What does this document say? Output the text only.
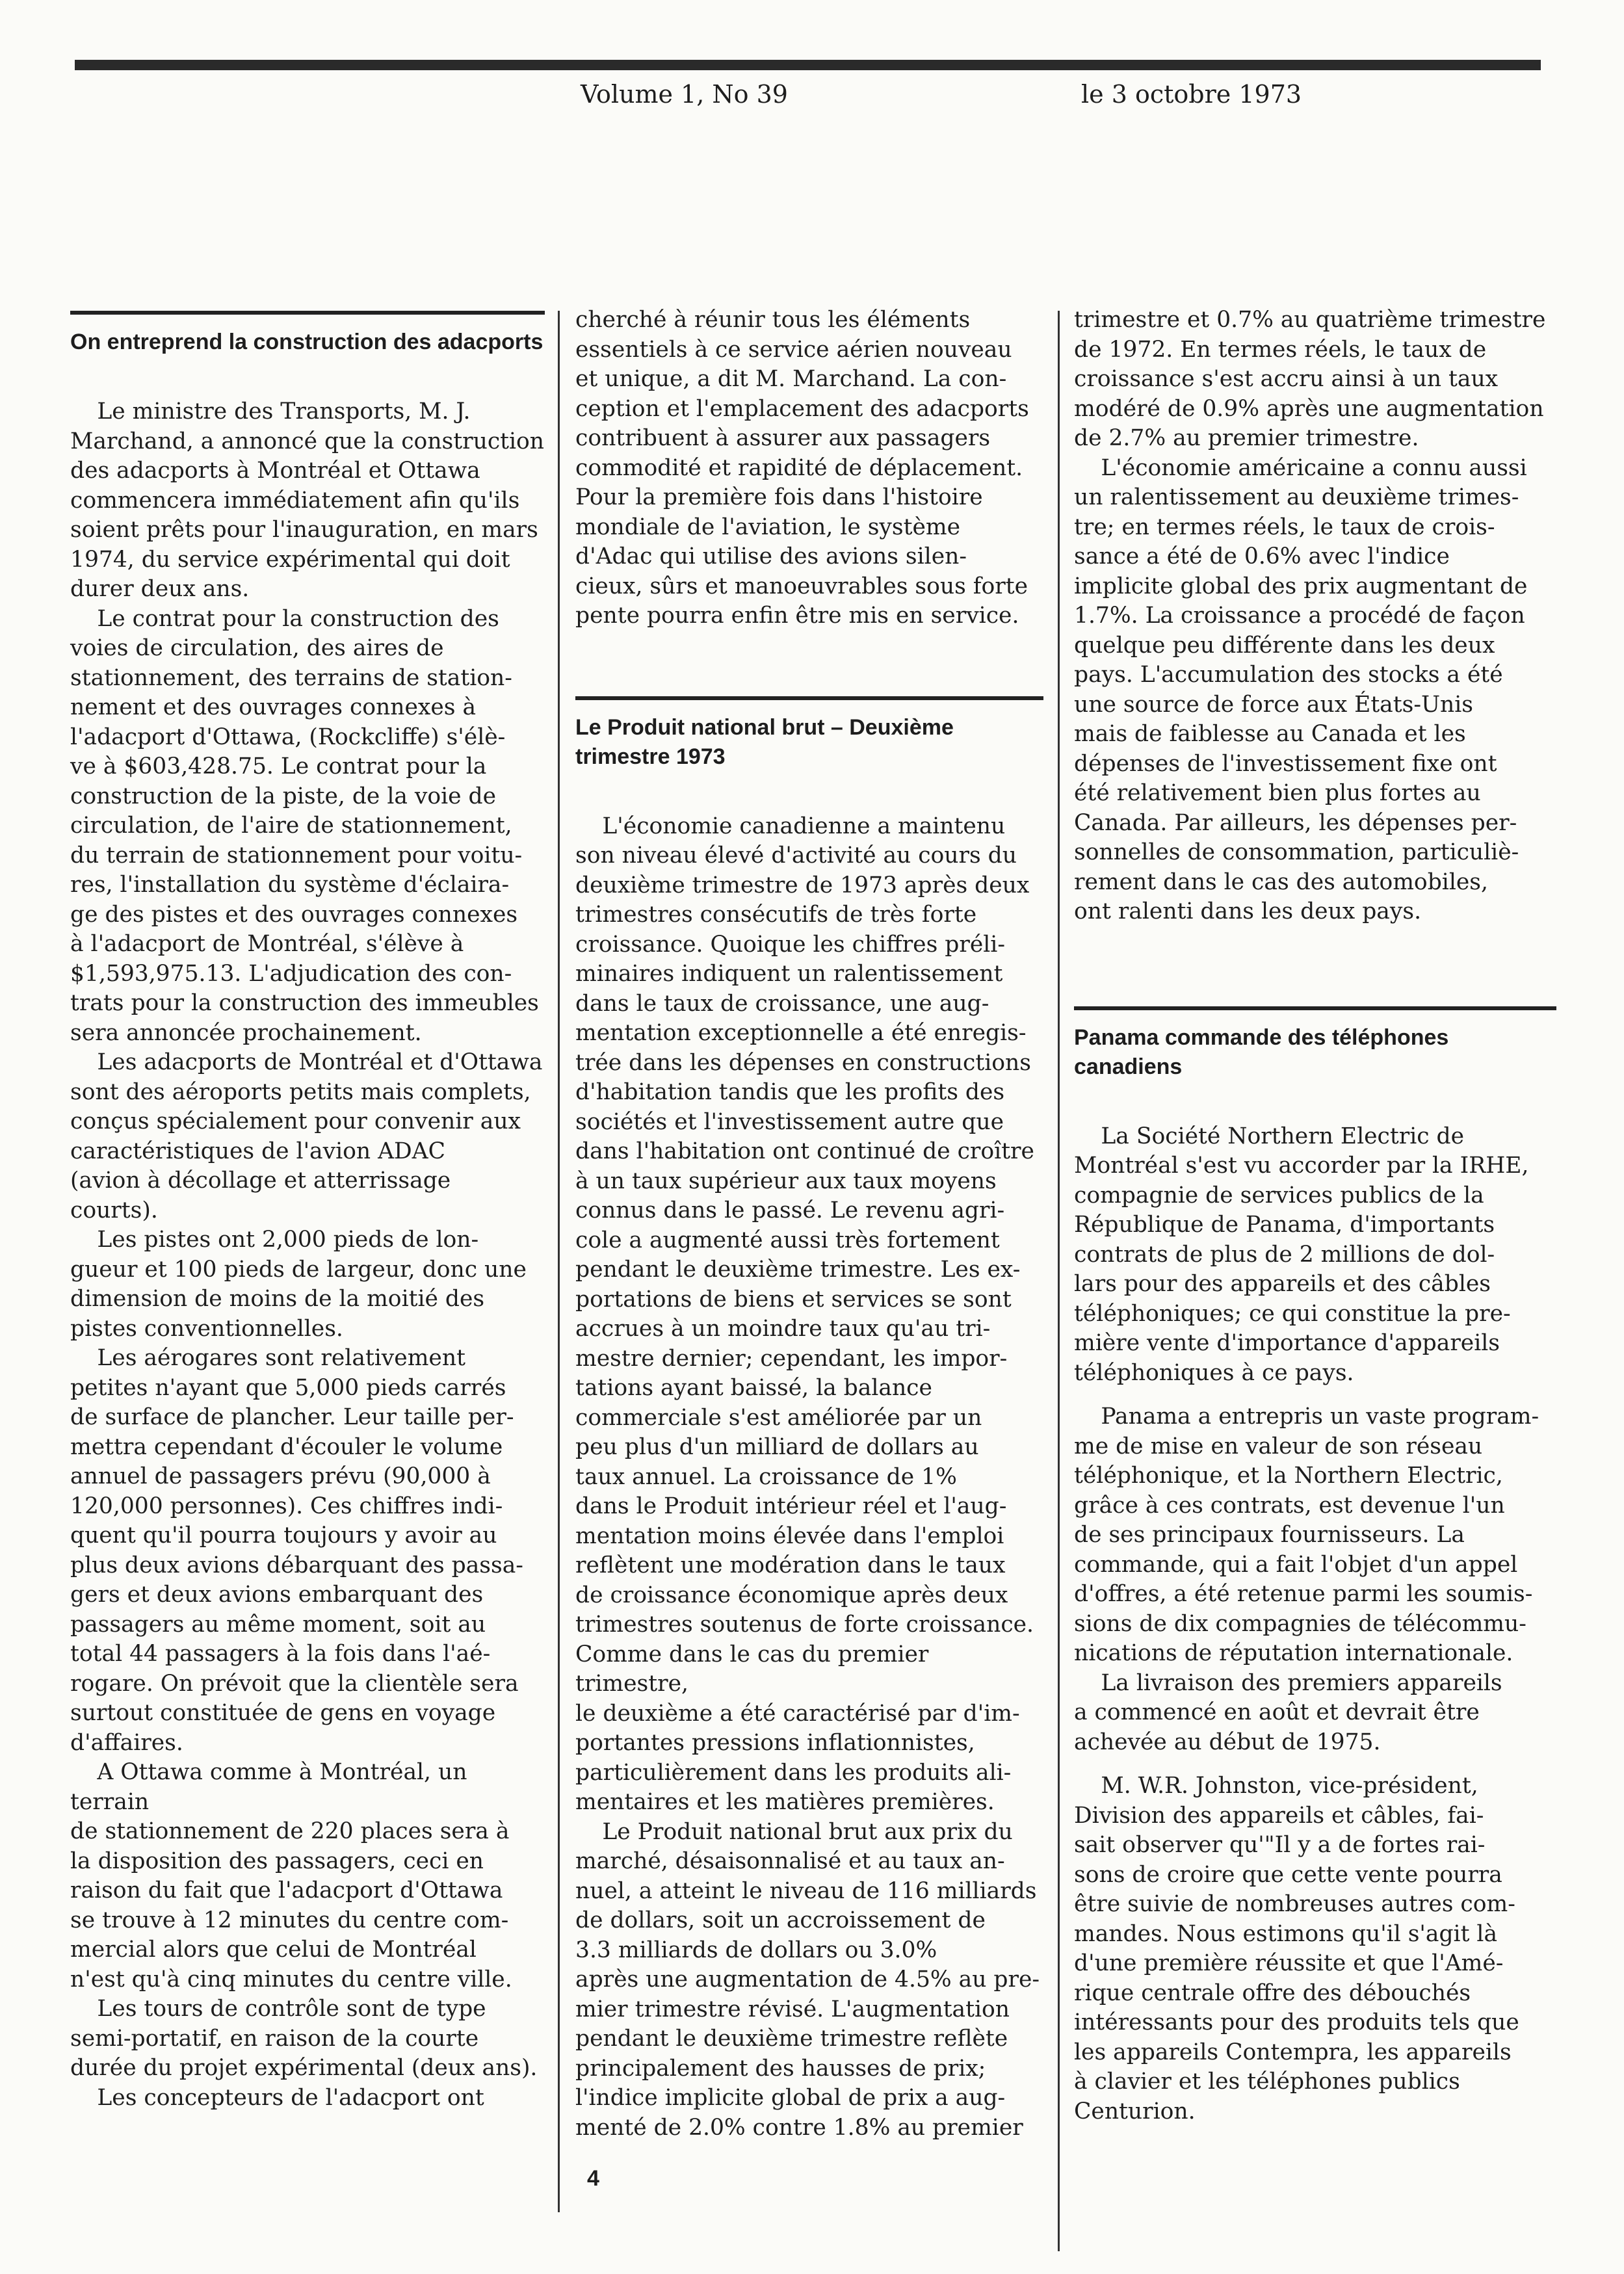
Volume 1, No 39	le 3 octobre 1973
On entreprend la construction des adacports

Le ministre des Transports, M. J.
Marchand, a annoncé que la construction
des adacports à Montréal et Ottawa
commencera immédiatement afin qu'ils
soient prêts pour l'inauguration, en mars
1974, du service expérimental qui doit
durer deux ans.

Le contrat pour la construction des
voies de circulation, des aires de
stationnement, des terrains de station-
nement et des ouvrages connexes à
l'adacport d'Ottawa, (Rockcliffe) s'élè-
ve à $603,428.75. Le contrat pour la
construction de la piste, de la voie de
circulation, de l'aire de stationnement,
du terrain de stationnement pour voitu-
res, l'installation du système d'éclaira-
ge des pistes et des ouvrages connexes
à l'adacport de Montréal, s'élève à
$1,593,975.13. L'adjudication des con-
trats pour la construction des immeubles
sera annoncée prochainement.

Les adacports de Montréal et d'Ottawa
sont des aéroports petits mais complets,
conçus spécialement pour convenir aux
caractéristiques de l'avion ADAC
(avion à décollage et atterrissage
courts).

Les pistes ont 2,000 pieds de lon-
gueur et 100 pieds de largeur, donc une
dimension de moins de la moitié des
pistes conventionnelles.

Les aérogares sont relativement
petites n'ayant que 5,000 pieds carrés
de surface de plancher. Leur taille per-
mettra cependant d'écouler le volume
annuel de passagers prévu (90,000 à
120,000 personnes). Ces chiffres indi-
quent qu'il pourra toujours y avoir au
plus deux avions débarquant des passa-
gers et deux avions embarquant des
passagers au même moment, soit au
total 44 passagers à la fois dans l'aé-
rogare. On prévoit que la clientèle sera
surtout constituée de gens en voyage
d'affaires.

A Ottawa comme à Montréal, un terrain
de stationnement de 220 places sera à
la disposition des passagers, ceci en
raison du fait que l'adacport d'Ottawa
se trouve à 12 minutes du centre com-
mercial alors que celui de Montréal
n'est qu'à cinq minutes du centre ville.

Les tours de contrôle sont de type
semi-portatif, en raison de la courte
durée du projet expérimental (deux ans).

Les concepteurs de l'adacport ont

cherché à réunir tous les éléments
essentiels à ce service aérien nouveau
et unique, a dit M. Marchand. La con-
ception et l'emplacement des adacports
contribuent à assurer aux passagers
commodité et rapidité de déplacement.
Pour la première fois dans l'histoire
mondiale de l'aviation, le système
d'Adac qui utilise des avions silen-
cieux, sûrs et manoeuvrables sous forte
pente pourra enfin être mis en service.

Le Produit national brut – Deuxième trimestre 1973

L'économie canadienne a maintenu
son niveau élevé d'activité au cours du
deuxième trimestre de 1973 après deux
trimestres consécutifs de très forte
croissance. Quoique les chiffres préli-
minaires indiquent un ralentissement
dans le taux de croissance, une aug-
mentation exceptionnelle a été enregis-
trée dans les dépenses en constructions
d'habitation tandis que les profits des
sociétés et l'investissement autre que
dans l'habitation ont continué de croître
à un taux supérieur aux taux moyens
connus dans le passé. Le revenu agri-
cole a augmenté aussi très fortement
pendant le deuxième trimestre. Les ex-
portations de biens et services se sont
accrues à un moindre taux qu'au tri-
mestre dernier; cependant, les impor-
tations ayant baissé, la balance
commerciale s'est améliorée par un
peu plus d'un milliard de dollars au
taux annuel. La croissance de 1%
dans le Produit intérieur réel et l'aug-
mentation moins élevée dans l'emploi
reflètent une modération dans le taux
de croissance économique après deux
trimestres soutenus de forte croissance.
Comme dans le cas du premier trimestre,
le deuxième a été caractérisé par d'im-
portantes pressions inflationnistes,
particulièrement dans les produits ali-
mentaires et les matières premières.

Le Produit national brut aux prix du
marché, désaisonnalisé et au taux an-
nuel, a atteint le niveau de 116 milliards
de dollars, soit un accroissement de
3.3 milliards de dollars ou 3.0%
après une augmentation de 4.5% au pre-
mier trimestre révisé. L'augmentation
pendant le deuxième trimestre reflète
principalement des hausses de prix;
l'indice implicite global de prix a aug-
menté de 2.0% contre 1.8% au premier

trimestre et 0.7% au quatrième trimestre
de 1972. En termes réels, le taux de
croissance s'est accru ainsi à un taux
modéré de 0.9% après une augmentation
de 2.7% au premier trimestre.

L'économie américaine a connu aussi
un ralentissement au deuxième trimes-
tre; en termes réels, le taux de crois-
sance a été de 0.6% avec l'indice
implicite global des prix augmentant de
1.7%. La croissance a procédé de façon
quelque peu différente dans les deux
pays. L'accumulation des stocks a été
une source de force aux États-Unis
mais de faiblesse au Canada et les
dépenses de l'investissement fixe ont
été relativement bien plus fortes au
Canada. Par ailleurs, les dépenses per-
sonnelles de consommation, particuliè-
rement dans le cas des automobiles,
ont ralenti dans les deux pays.

Panama commande des téléphones canadiens

La Société Northern Electric de
Montréal s'est vu accorder par la IRHE,
compagnie de services publics de la
République de Panama, d'importants
contrats de plus de 2 millions de dol-
lars pour des appareils et des câbles
téléphoniques; ce qui constitue la pre-
mière vente d'importance d'appareils
téléphoniques à ce pays.

Panama a entrepris un vaste program-
me de mise en valeur de son réseau
téléphonique, et la Northern Electric,
grâce à ces contrats, est devenue l'un
de ses principaux fournisseurs. La
commande, qui a fait l'objet d'un appel
d'offres, a été retenue parmi les soumis-
sions de dix compagnies de télécommu-
nications de réputation internationale.

La livraison des premiers appareils
a commencé en août et devrait être
achevée au début de 1975.

M. W.R. Johnston, vice-président,
Division des appareils et câbles, fai-
sait observer qu'"Il y a de fortes rai-
sons de croire que cette vente pourra
être suivie de nombreuses autres com-
mandes. Nous estimons qu'il s'agit là
d'une première réussite et que l'Amé-
rique centrale offre des débouchés
intéressants pour des produits tels que
les appareils Contempra, les appareils
à clavier et les téléphones publics
Centurion.

4
